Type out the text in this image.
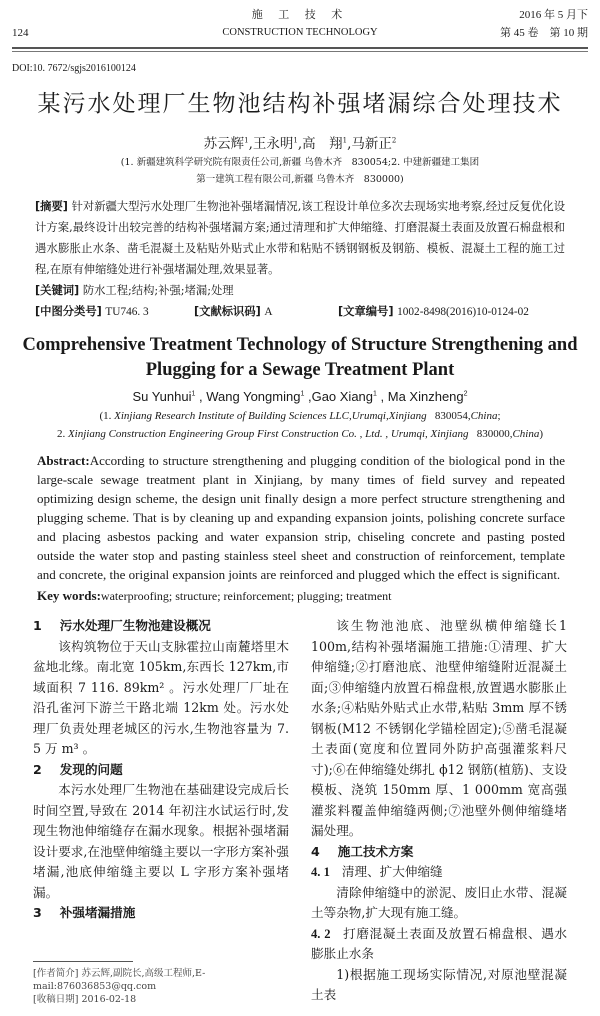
124
施 工 技 术
CONSTRUCTION TECHNOLOGY
2016 年 5 月下
第 45 卷　第 10 期
DOI:10. 7672/sgjs2016100124
某污水处理厂生物池结构补强堵漏综合处理技术
苏云辉$^1$,王永明$^1$,高　翔$^1$,马新正$^2$
(1. 新疆建筑科学研究院有限责任公司,新疆 乌鲁木齐　830054;2. 中建新疆建工集团
第一建筑工程有限公司,新疆 乌鲁木齐　830000)
[摘要] 针对新疆大型污水处理厂生物池补强堵漏情况,该工程设计单位多次去现场实地考察,经过反复优化设计方案,最终设计出较完善的结构补强堵漏方案;通过清理和扩大伸缩缝、打磨混凝土表面及放置石棉盘根和遇水膨胀止水条、凿毛混凝土及粘贴外贴式止水带和粘贴不锈钢钢板及钢筋、模板、混凝土工程的施工过程,在原有伸缩缝处进行补强堵漏处理,效果显著。
[关键词] 防水工程;结构;补强;堵漏;处理
[中图分类号] TU746. 3	[文献标识码] A	[文章编号] 1002-8498(2016)10-0124-02
Comprehensive Treatment Technology of Structure Strengthening and
Plugging for a Sewage Treatment Plant
Su Yunhui$^1$ , Wang Yongming$^1$ ,Gao Xiang$^1$ , Ma Xinzheng$^2$
(1. Xinjiang Research Institute of Building Sciences LLC,Urumqi,Xinjiang 830054,China;
2. Xinjiang Construction Engineering Group First Construction Co. , Ltd. , Urumqi, Xinjiang 830000,China)
Abstract:According to structure strengthening and plugging condition of the biological pond in the large-scale sewage treatment plant in Xinjiang, by many times of field survey and repeated optimizing design scheme, the design unit finally design a more perfect structure strengthening and plugging scheme. That is by cleaning up and expanding expansion joints, polishing concrete surface and placing asbestos packing and water expansion strip, chiseling concrete and pasting posted outside the water stop and pasting stainless steel sheet and construction of reinforcement, template and concrete, the original expansion joints are reinforced and plugged which the effect is significant.
Key words:waterproofing; structure; reinforcement; plugging; treatment
1 污水处理厂生物池建设概况

该构筑物位于天山支脉霍拉山南麓塔里木盆地北缘。南北宽 105km,东西长 127km,市域面积 7 116. 89km² 。污水处理厂厂址在沿孔雀河下游兰干路北端 12km 处。污水处理厂负责处理老城区的污水,生物池容量为 7. 5 万 m³ 。

2 发现的问题

本污水处理厂生物池在基础建设完成后长时间空置,导致在 2014 年初注水试运行时,发现生物池伸缩缝存在漏水现象。根据补强堵漏设计要求,在池壁伸缩缝主要以一字形方案补强堵漏,池底伸缩缝主要以 L 字形方案补强堵漏。

3 补强堵漏措施
[作者简介] 苏云辉,副院长,高级工程师,E-mail:876036853@qq.com
[收稿日期] 2016-02-18

该生物池池底、池壁纵横伸缩缝长1 100m,结构补强堵漏施工措施:①清理、扩大伸缩缝;②打磨池底、池壁伸缩缝附近混凝土面;③伸缩缝内放置石棉盘根,放置遇水膨胀止水条;④粘贴外贴式止水带,粘贴 3mm 厚不锈钢板(M12 不锈钢化学锚栓固定);⑤凿毛混凝土表面(宽度和位置同外防护高强灌浆料尺寸);⑥在伸缩缝处绑扎 ϕ12 钢筋(植筋)、支设模板、浇筑 150mm 厚、1 000mm 宽高强灌浆料覆盖伸缩缝两侧;⑦池壁外侧伸缩缝堵漏处理。

4 施工技术方案
4. 1 清理、扩大伸缩缝

清除伸缩缝中的淤泥、废旧止水带、混凝土等杂物,扩大现有施工缝。

4. 2 打磨混凝土表面及放置石棉盘根、遇水膨胀止水条

1)根据施工现场实际情况,对原池壁混凝土表
